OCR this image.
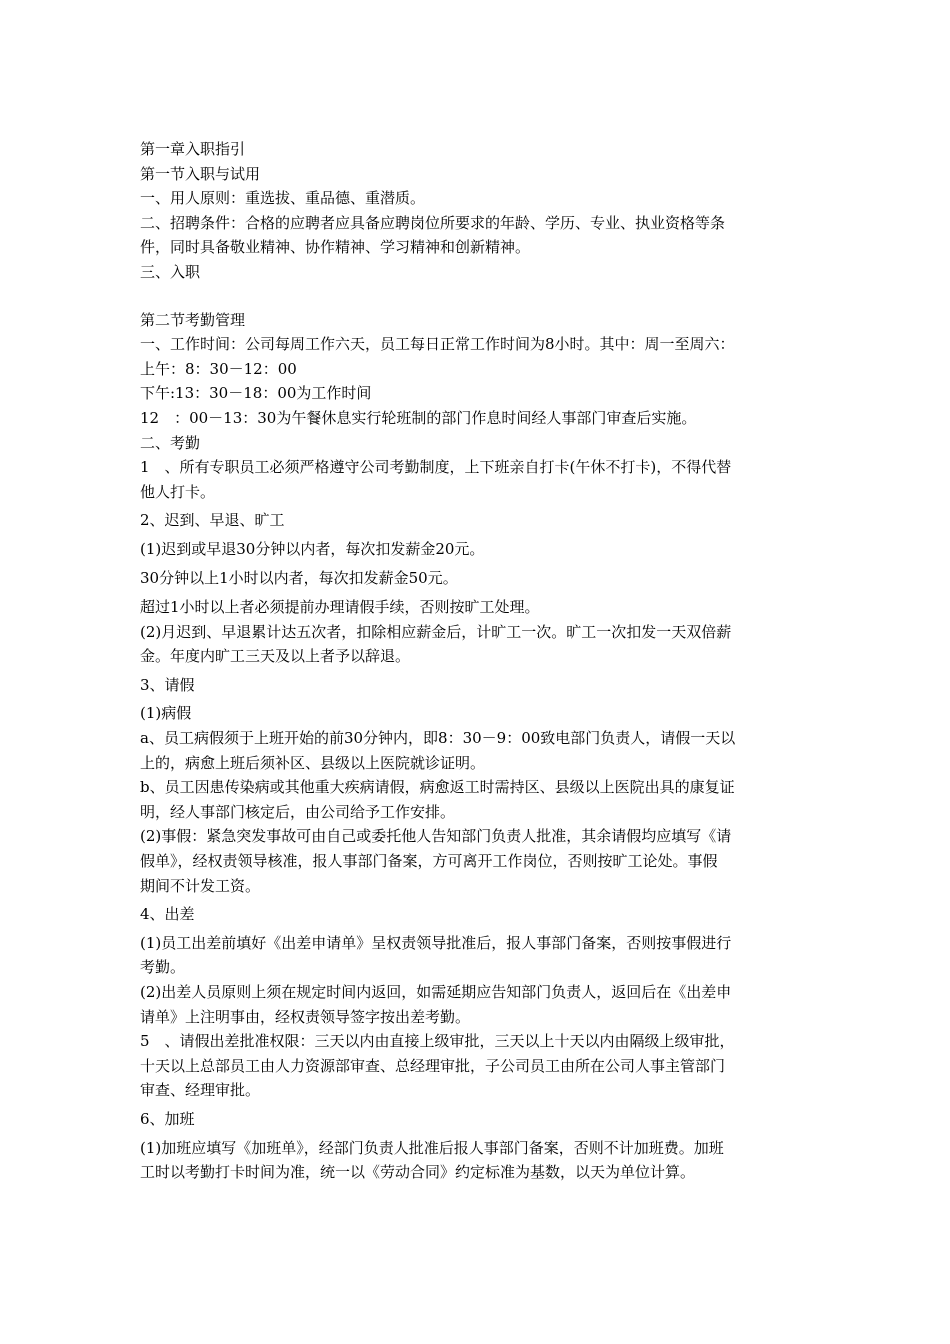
第一章入职指引

第一节入职与试用

一、用人原则：重选拔、重品德、重潜质。

二、招聘条件：合格的应聘者应具备应聘岗位所要求的年龄、学历、专业、执业资格等条

件，同时具备敬业精神、协作精神、学习精神和创新精神。

三、入职

第二节考勤管理

一、工作时间：公司每周工作六天，员工每日正常工作时间为8小时。其中：周一至周六：

上午：8：30－12：00

下午:13：30－18：00为工作时间

12　：00－13：30为午餐休息实行轮班制的部门作息时间经人事部门审查后实施。

二、考勤

1　、所有专职员工必须严格遵守公司考勤制度，上下班亲自打卡(午休不打卡)，不得代替

他人打卡。

2、迟到、早退、旷工

(1)迟到或早退30分钟以内者，每次扣发薪金20元。

30分钟以上1小时以内者，每次扣发薪金50元。

超过1小时以上者必须提前办理请假手续，否则按旷工处理。

(2)月迟到、早退累计达五次者，扣除相应薪金后，计旷工一次。旷工一次扣发一天双倍薪

金。年度内旷工三天及以上者予以辞退。

3、请假

(1)病假

a、员工病假须于上班开始的前30分钟内，即8：30－9：00致电部门负责人，请假一天以

上的，病愈上班后须补区、县级以上医院就诊证明。

b、员工因患传染病或其他重大疾病请假，病愈返工时需持区、县级以上医院出具的康复证

明，经人事部门核定后，由公司给予工作安排。

(2)事假：紧急突发事故可由自己或委托他人告知部门负责人批准，其余请假均应填写《请

假单》，经权责领导核准，报人事部门备案，方可离开工作岗位，否则按旷工论处。事假

期间不计发工资。

4、出差

(1)员工出差前填好《出差申请单》呈权责领导批准后，报人事部门备案，否则按事假进行

考勤。

(2)出差人员原则上须在规定时间内返回，如需延期应告知部门负责人，返回后在《出差申

请单》上注明事由，经权责领导签字按出差考勤。

5　、请假出差批准权限：三天以内由直接上级审批，三天以上十天以内由隔级上级审批，

十天以上总部员工由人力资源部审查、总经理审批，子公司员工由所在公司人事主管部门

审查、经理审批。

6、加班

(1)加班应填写《加班单》，经部门负责人批准后报人事部门备案，否则不计加班费。加班

工时以考勤打卡时间为准，统一以《劳动合同》约定标准为基数，以天为单位计算。
